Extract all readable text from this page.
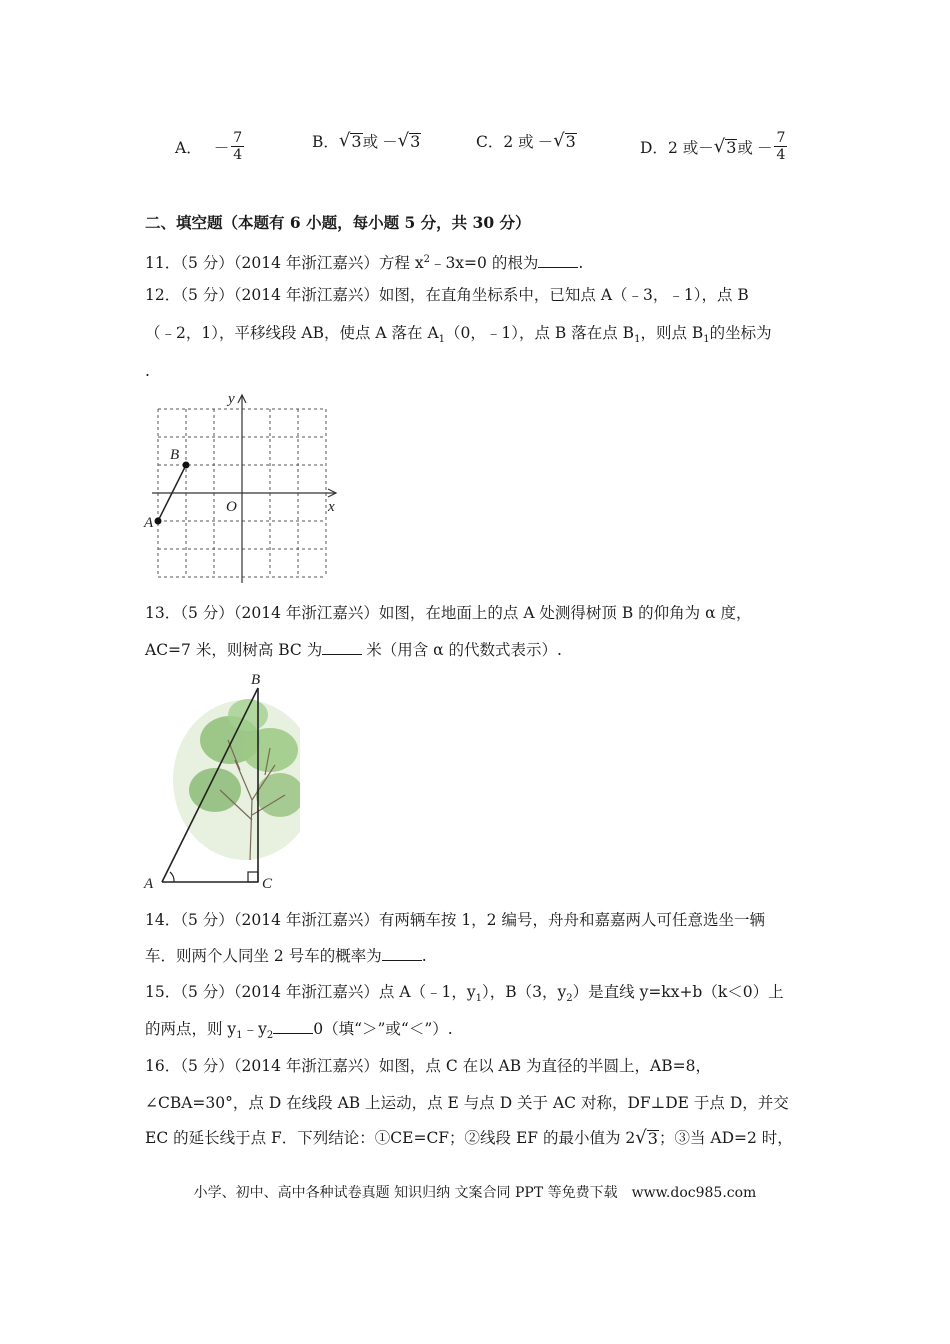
A． － $\frac{7}{4}$	B． √ 3 或 － √ 3	C． 2 或 － √ 3	D． 2 或 － √ 3 或 － $\frac{7}{4}$
二、填空题（本题有 6 小题，每小题 5 分，共 30 分）
11．（5 分）（2014 年浙江嘉兴）方程 $x^2﹣3x=0$ 的根为	.
12．（5 分）（2014 年浙江嘉兴）如图，在直角坐标系中，已知点 A（﹣3，﹣1），点 B
（﹣2，1），平移线段 AB，使点 A 落在 $A_1(0$，﹣1），点 B 落在点 $B_1$，则点 $B_1$的坐标为
.
y
x
O
A
B
13．（5 分）（2014 年浙江嘉兴）如图，在地面上的点 A 处测得树顶 B 的仰角为 α 度，
AC=7 米，则树高 BC 为	米（用含 α 的代数式表示）.
B
A	C
14．（5 分）（2014 年浙江嘉兴）有两辆车按 1，2 编号，舟舟和嘉嘉两人可任意选坐一辆
车．则两个人同坐 2 号车的概率为	.
15．（5 分）（2014 年浙江嘉兴）点 A（﹣1，$y_1$），B（3，$y_2$）是直线 y=kx+b（k＜0）上
的两点，则 $y_1﹣y_2$	0（填“＞”或“＜”）.
16．（5 分）（2014 年浙江嘉兴）如图，点 C 在以 AB 为直径的半圆上，AB=8，
∠CBA=30°，点 D 在线段 AB 上运动，点 E 与点 D 关于 AC 对称，DF⊥DE 于点 D，并交
EC 的延长线于点 F．下列结论：①CE=CF；②线段 EF 的最小值为 2 √ 3 ；③当 AD=2 时，
小学、初中、高中各种试卷真题 知识归纳 文案合同 PPT 等免费下载　www.doc985.com
